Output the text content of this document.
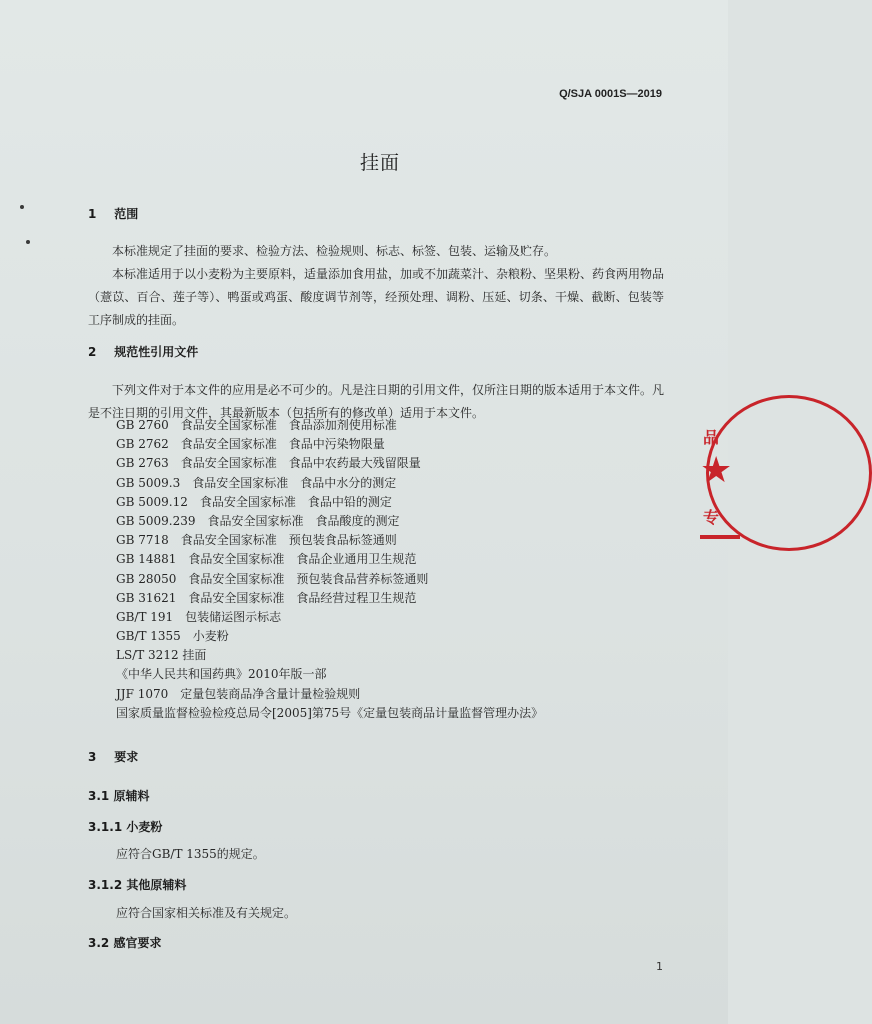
Q/SJA 0001S—2019
挂面
1 范围
本标准规定了挂面的要求、检验方法、检验规则、标志、标签、包装、运输及贮存。
本标准适用于以小麦粉为主要原料，适量添加食用盐，加或不加蔬菜汁、杂粮粉、坚果粉、药食两用物品（薏苡、百合、莲子等）、鸭蛋或鸡蛋、酸度调节剂等，经预处理、调粉、压延、切条、干燥、截断、包装等工序制成的挂面。
2 规范性引用文件
下列文件对于本文件的应用是必不可少的。凡是注日期的引用文件，仅所注日期的版本适用于本文件。凡是不注日期的引用文件，其最新版本（包括所有的修改单）适用于本文件。
GB 2760　食品安全国家标准　食品添加剂使用标准
GB 2762　食品安全国家标准　食品中污染物限量
GB 2763　食品安全国家标准　食品中农药最大残留限量
GB 5009.3　食品安全国家标准　食品中水分的测定
GB 5009.12　食品安全国家标准　食品中铅的测定
GB 5009.239　食品安全国家标准　食品酸度的测定
GB 7718　食品安全国家标准　预包装食品标签通则
GB 14881　食品安全国家标准　食品企业通用卫生规范
GB 28050　食品安全国家标准　预包装食品营养标签通则
GB 31621　食品安全国家标准　食品经营过程卫生规范
GB/T 191　包装储运图示标志
GB/T 1355　小麦粉
LS/T 3212 挂面
《中华人民共和国药典》2010年版一部
JJF 1070　定量包装商品净含量计量检验规则
国家质量监督检验检疫总局令[2005]第75号《定量包装商品计量监督管理办法》
3 要求
3.1 原辅料
3.1.1 小麦粉
应符合GB/T 1355的规定。
3.1.2 其他原辅料
应符合国家相关标准及有关规定。
3.2 感官要求
1
品
★
专
